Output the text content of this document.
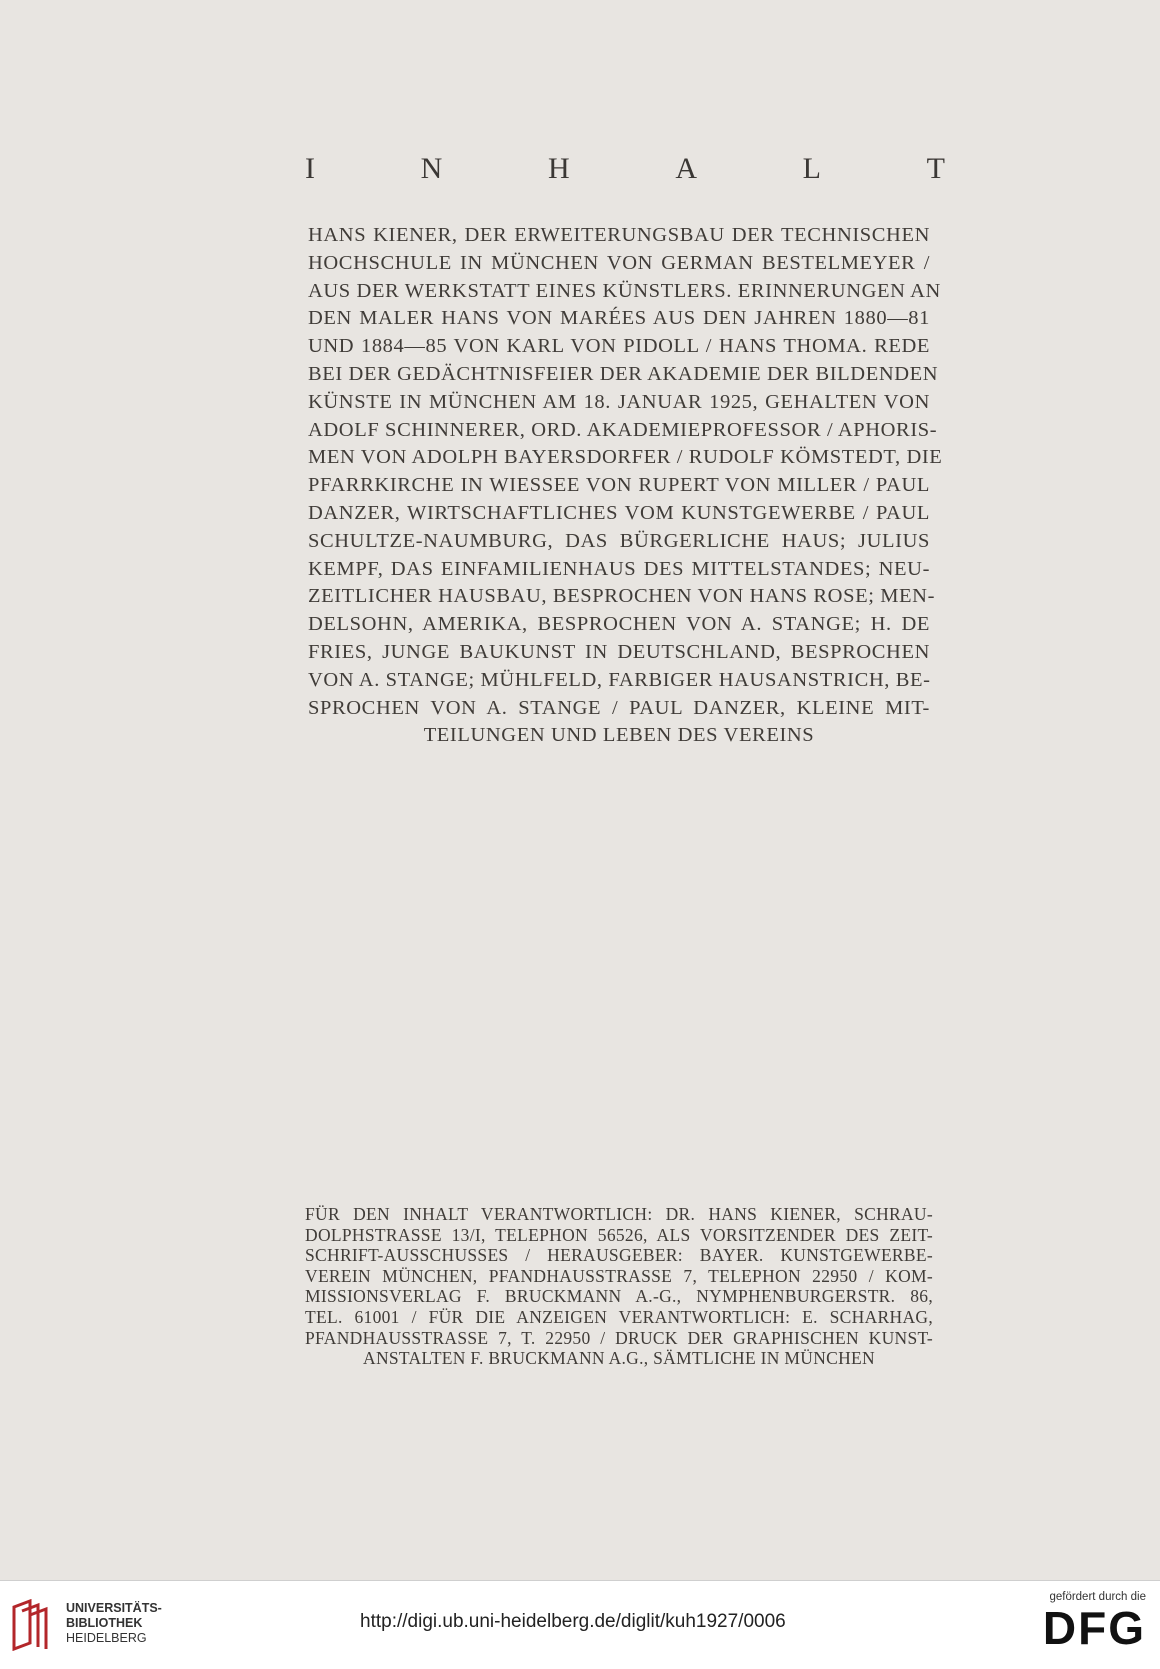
I	N	H	A	L	T
HANS KIENER, DER ERWEITERUNGSBAU DER TECHNISCHEN
HOCHSCHULE IN MÜNCHEN VON GERMAN BESTELMEYER /
AUS DER WERKSTATT EINES KÜNSTLERS. ERINNERUNGEN AN
DEN MALER HANS VON MARÉES AUS DEN JAHREN 1880—81
UND 1884—85 VON KARL VON PIDOLL / HANS THOMA. REDE
BEI DER GEDÄCHTNISFEIER DER AKADEMIE DER BILDENDEN
KÜNSTE IN MÜNCHEN AM 18. JANUAR 1925, GEHALTEN VON
ADOLF SCHINNERER, ORD. AKADEMIEPROFESSOR / APHORIS-
MEN VON ADOLPH BAYERSDORFER / RUDOLF KÖMSTEDT, DIE
PFARRKIRCHE IN WIESSEE VON RUPERT VON MILLER / PAUL
DANZER, WIRTSCHAFTLICHES VOM KUNSTGEWERBE / PAUL
SCHULTZE-NAUMBURG, DAS BÜRGERLICHE HAUS; JULIUS
KEMPF, DAS EINFAMILIENHAUS DES MITTELSTANDES; NEU-
ZEITLICHER HAUSBAU, BESPROCHEN VON HANS ROSE; MEN-
DELSOHN, AMERIKA, BESPROCHEN VON A. STANGE; H. DE
FRIES, JUNGE BAUKUNST IN DEUTSCHLAND, BESPROCHEN
VON A. STANGE; MÜHLFELD, FARBIGER HAUSANSTRICH, BE-
SPROCHEN VON A. STANGE / PAUL DANZER, KLEINE MIT-
TEILUNGEN UND LEBEN DES VEREINS
FÜR DEN INHALT VERANTWORTLICH: DR. HANS KIENER, SCHRAU-
DOLPHSTRASSE 13/I, TELEPHON 56526, ALS VORSITZENDER DES ZEIT-
SCHRIFT-AUSSCHUSSES / HERAUSGEBER: BAYER. KUNSTGEWERBE-
VEREIN MÜNCHEN, PFANDHAUSSTRASSE 7, TELEPHON 22950 / KOM-
MISSIONSVERLAG F. BRUCKMANN A.-G., NYMPHENBURGERSTR. 86,
TEL. 61001 / FÜR DIE ANZEIGEN VERANTWORTLICH: E. SCHARHAG,
PFANDHAUSSTRASSE 7, T. 22950 / DRUCK DER GRAPHISCHEN KUNST-
ANSTALTEN F. BRUCKMANN A.G., SÄMTLICHE IN MÜNCHEN
UNIVERSITÄTS-
BIBLIOTHEK
HEIDELBERG
http://digi.ub.uni-heidelberg.de/diglit/kuh1927/0006
gefördert durch die
DFG
